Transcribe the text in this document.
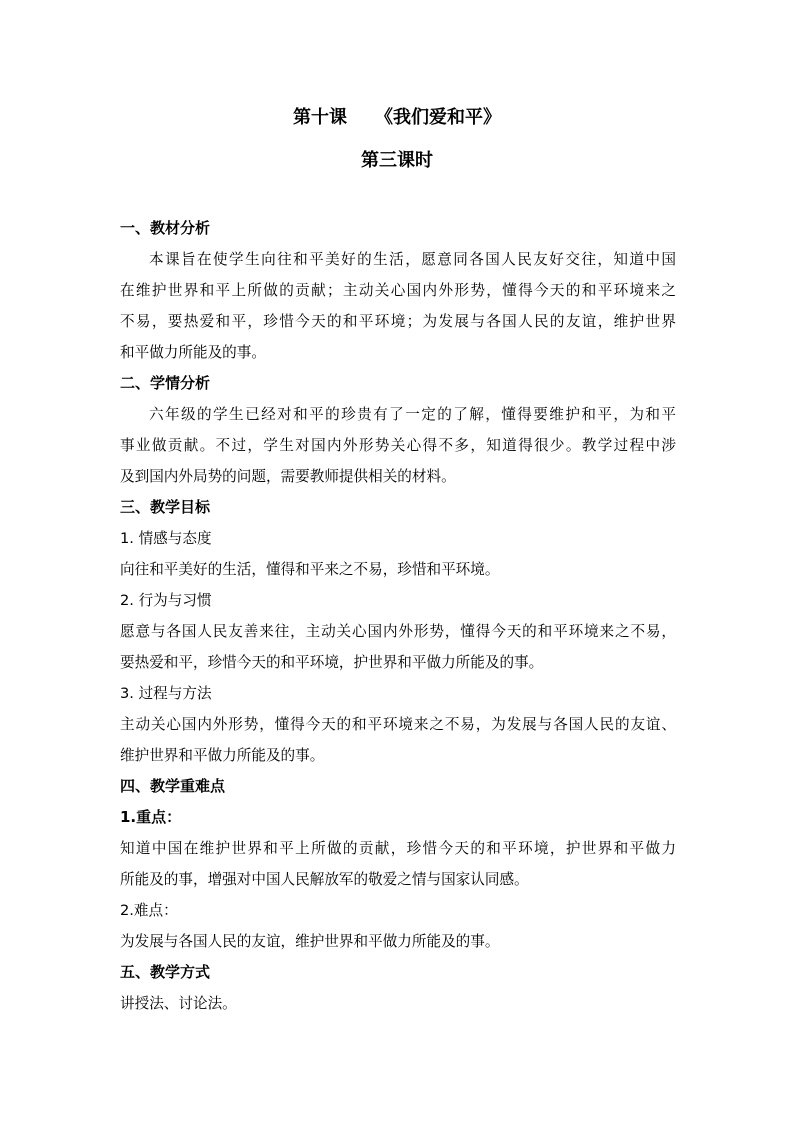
第十课 《我们爱和平》
第三课时
一、教材分析
本课旨在使学生向往和平美好的生活，愿意同各国人民友好交往，知道中国
在维护世界和平上所做的贡献；主动关心国内外形势，懂得今天的和平环境来之
不易，要热爱和平，珍惜今天的和平环境；为发展与各国人民的友谊，维护世界
和平做力所能及的事。
二、学情分析
六年级的学生已经对和平的珍贵有了一定的了解，懂得要维护和平，为和平
事业做贡献。不过，学生对国内外形势关心得不多，知道得很少。教学过程中涉
及到国内外局势的问题，需要教师提供相关的材料。
三、教学目标
1. 情感与态度
向往和平美好的生活，懂得和平来之不易，珍惜和平环境。
2. 行为与习惯
愿意与各国人民友善来往，主动关心国内外形势，懂得今天的和平环境来之不易，
要热爱和平，珍惜今天的和平环境，护世界和平做力所能及的事。
3. 过程与方法
主动关心国内外形势，懂得今天的和平环境来之不易，为发展与各国人民的友谊、
维护世界和平做力所能及的事。
四、教学重难点
1.重点：
知道中国在维护世界和平上所做的贡献，珍惜今天的和平环境，护世界和平做力
所能及的事，增强对中国人民解放军的敬爱之情与国家认同感。
2.难点：
为发展与各国人民的友谊，维护世界和平做力所能及的事。
五、教学方式
讲授法、讨论法。
